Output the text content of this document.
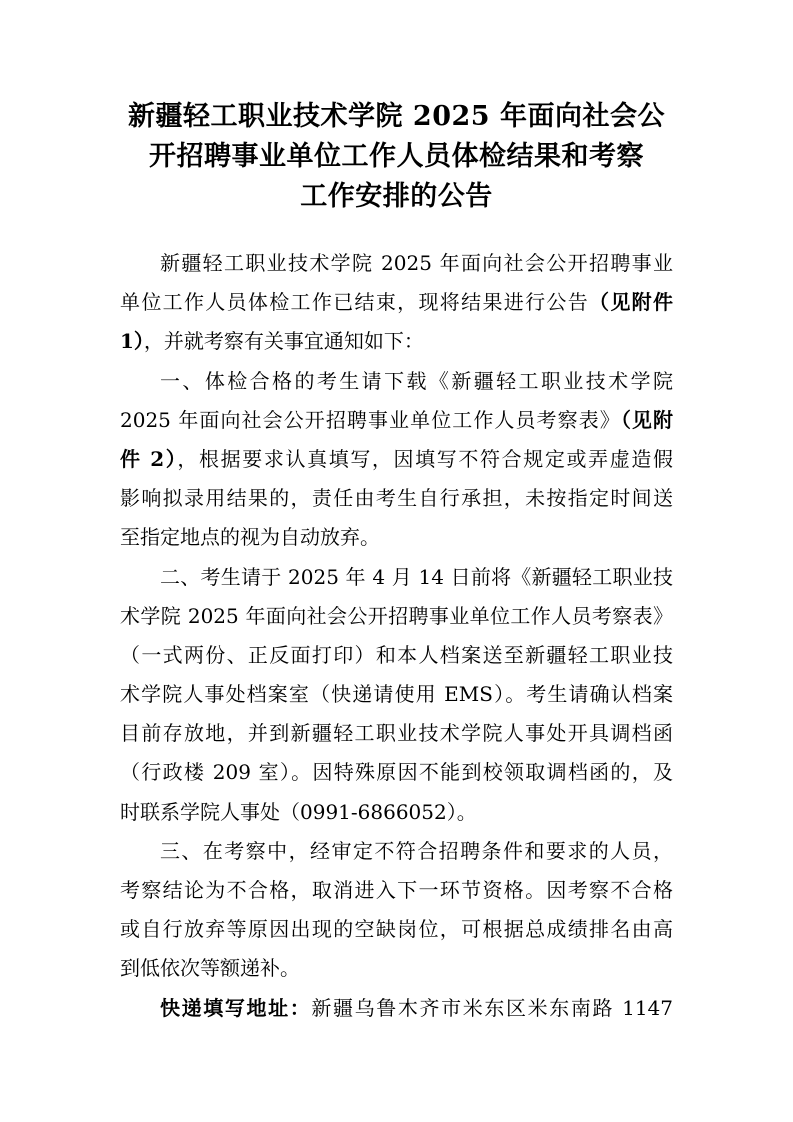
新疆轻工职业技术学院 2025 年面向社会公
开招聘事业单位工作人员体检结果和考察
工作安排的公告
新疆轻工职业技术学院 2025 年面向社会公开招聘事业
单位工作人员体检工作已结束，现将结果进行公告（见附件
1），并就考察有关事宜通知如下：
一、体检合格的考生请下载《新疆轻工职业技术学院
2025 年面向社会公开招聘事业单位工作人员考察表》（见附
件 2），根据要求认真填写，因填写不符合规定或弄虚造假
影响拟录用结果的，责任由考生自行承担，未按指定时间送
至指定地点的视为自动放弃。
二、考生请于 2025 年 4 月 14 日前将《新疆轻工职业技
术学院 2025 年面向社会公开招聘事业单位工作人员考察表》
（一式两份、正反面打印）和本人档案送至新疆轻工职业技
术学院人事处档案室（快递请使用 EMS）。考生请确认档案
目前存放地，并到新疆轻工职业技术学院人事处开具调档函
（行政楼 209 室）。因特殊原因不能到校领取调档函的，及
时联系学院人事处（0991-6866052）。
三、在考察中，经审定不符合招聘条件和要求的人员，
考察结论为不合格，取消进入下一环节资格。因考察不合格
或自行放弃等原因出现的空缺岗位，可根据总成绩排名由高
到低依次等额递补。
快递填写地址：新疆乌鲁木齐市米东区米东南路 1147
